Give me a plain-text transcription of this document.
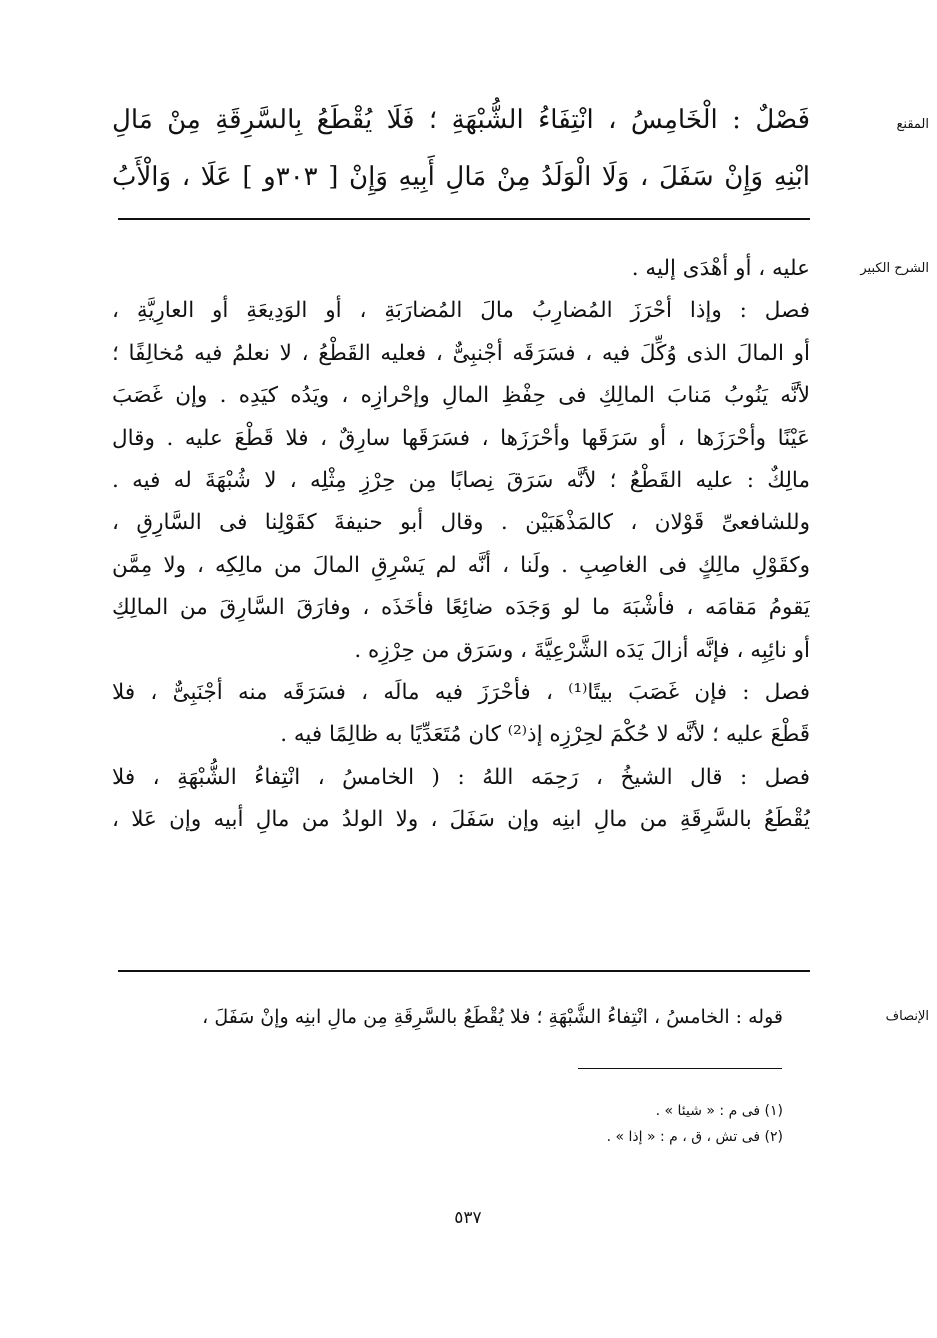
المقنع
الشرح الكبير
الإنصاف
فَصْلٌ : الْخَامِسُ ، انْتِفَاءُ الشُّبْهَةِ ؛ فَلَا يُقْطَعُ بِالسَّرِقَةِ مِنْ مَالِ
ابْنِهِ وَإِنْ سَفَلَ ، وَلَا الْوَلَدُ مِنْ مَالِ أَبِيهِ وَإِنْ [ ٣٠٣و ] عَلَا ، وَالْأَبُ
عليه ، أو أهْدَى إليه .
فصل : وإذا أحْرَزَ المُضارِبُ مالَ المُضارَبَةِ ، أو الوَدِيعَةِ أو العارِيَّةِ ،
أو المالَ الذى وُكِّلَ فيه ، فسَرَقَه أجْنبِىٌّ ، فعليه القَطْعُ ، لا نعلمُ فيه مُخالِفًا ؛
لأنَّه يَنُوبُ مَنابَ المالِكِ فى حِفْظِ المالِ وإحْرازِه ، ويَدُه كيَدِه . وإن غَصَبَ
عَيْنًا وأحْرَزَها ، أو سَرَقَها وأحْرَزَها ، فسَرَقَها سارِقٌ ، فلا قَطْعَ عليه . وقال
مالِكٌ : عليه القَطْعُ ؛ لأنَّه سَرَقَ نِصابًا مِن حِرْزِ مِثْلِه ، لا شُبْهَةَ له فيه .
وللشافعىِّ قَوْلان ، كالمَذْهَبَيْن . وقال أبو حنيفةَ كقَوْلِنا فى السَّارِقِ ،
وكقَوْلِ مالِكٍ فى الغاصِبِ . ولَنا ، أنَّه لم يَسْرِقِ المالَ من مالِكِه ، ولا مِمَّن
يَقومُ مَقامَه ، فأشْبَهَ ما لو وَجَدَه ضائِعًا فأخَذَه ، وفارَقَ السَّارِقَ من المالِكِ
أو نائِبِه ، فإنَّه أزالَ يَدَه الشَّرْعِيَّةَ ، وسَرَق من حِرْزِه .
فصل : فإن غَصَبَ بيتًا⁽¹⁾ ، فأحْرَزَ فيه مالَه ، فسَرَقَه منه أجْنَبِىٌّ ، فلا
قَطْعَ عليه ؛ لأنَّه لا حُكْمَ لحِرْزِه إذ⁽²⁾ كان مُتَعَدِّيًا به ظالِمًا فيه .
فصل : قال الشيخُ ، رَحِمَه اللهُ : ( الخامسُ ، انْتِفاءُ الشُّبْهَةِ ، فلا
يُقْطَعُ بالسَّرِقَةِ من مالِ ابنِه وإن سَفَلَ ، ولا الولدُ من مالِ أبيه وإن عَلا ،
قوله : الخامسُ ، انْتِفاءُ الشُّبْهَةِ ؛ فلا يُقْطَعُ بالسَّرِقَةِ مِن مالِ ابنِه وإنْ سَفَلَ ،
(١) فى م : « شيئا » .
(٢) فى تش ، ق ، م : « إذا » .
٥٣٧
